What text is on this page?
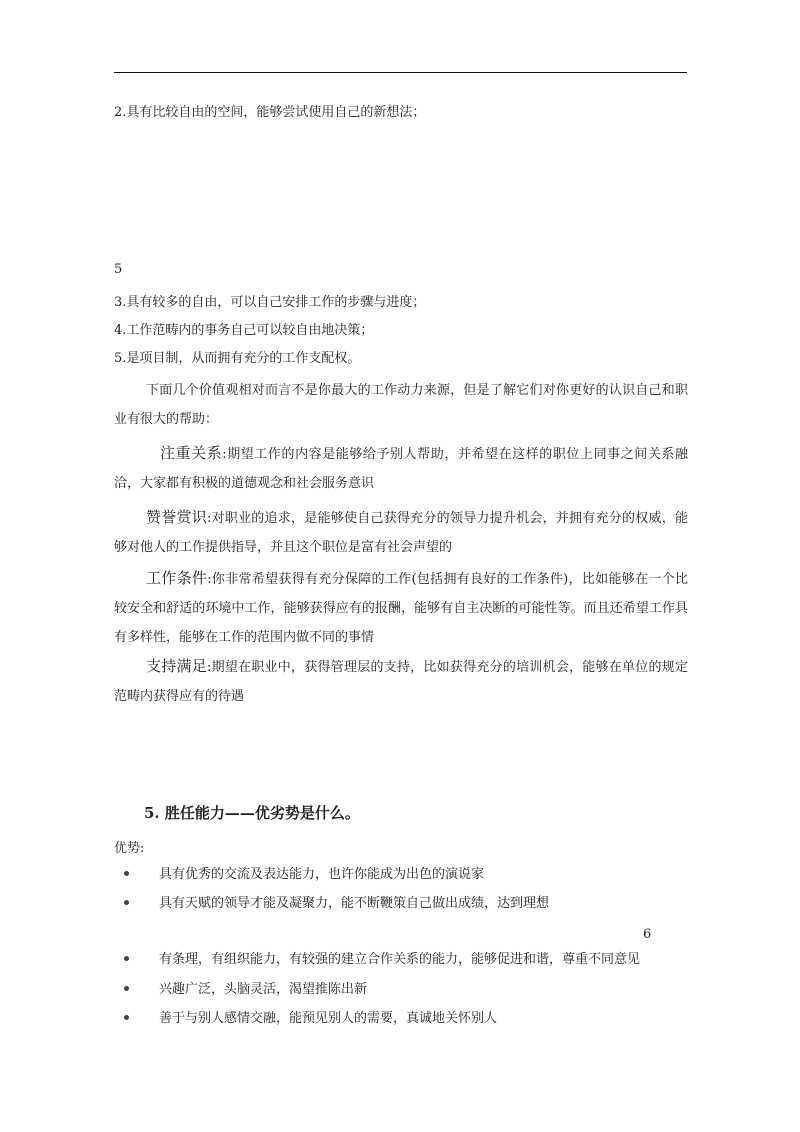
2.具有比较自由的空间，能够尝试使用自己的新想法；
5
3.具有较多的自由，可以自己安排工作的步骤与进度；
4.工作范畴内的事务自己可以较自由地决策；
5.是项目制，从而拥有充分的工作支配权。
下面几个价值观相对而言不是你最大的工作动力来源，但是了解它们对你更好的认识自己和职业有很大的帮助：
注重关系:期望工作的内容是能够给予别人帮助，并希望在这样的职位上同事之间关系融洽，大家都有积极的道德观念和社会服务意识
赞誉赏识:对职业的追求，是能够使自己获得充分的领导力提升机会，并拥有充分的权威，能够对他人的工作提供指导，并且这个职位是富有社会声望的
工作条件:你非常希望获得有充分保障的工作(包括拥有良好的工作条件)，比如能够在一个比较安全和舒适的环境中工作，能够获得应有的报酬，能够有自主决断的可能性等。而且还希望工作具有多样性，能够在工作的范围内做不同的事情
支持满足:期望在职业中，获得管理层的支持，比如获得充分的培训机会，能够在单位的规定范畴内获得应有的待遇
5. 胜任能力——优劣势是什么。
优势:
具有优秀的交流及表达能力，也许你能成为出色的演说家
具有天赋的领导才能及凝聚力，能不断鞭策自己做出成绩，达到理想
6
有条理，有组织能力，有较强的建立合作关系的能力，能够促进和谐，尊重不同意见
兴趣广泛，头脑灵活，渴望推陈出新
善于与别人感情交融，能预见别人的需要，真诚地关怀别人
